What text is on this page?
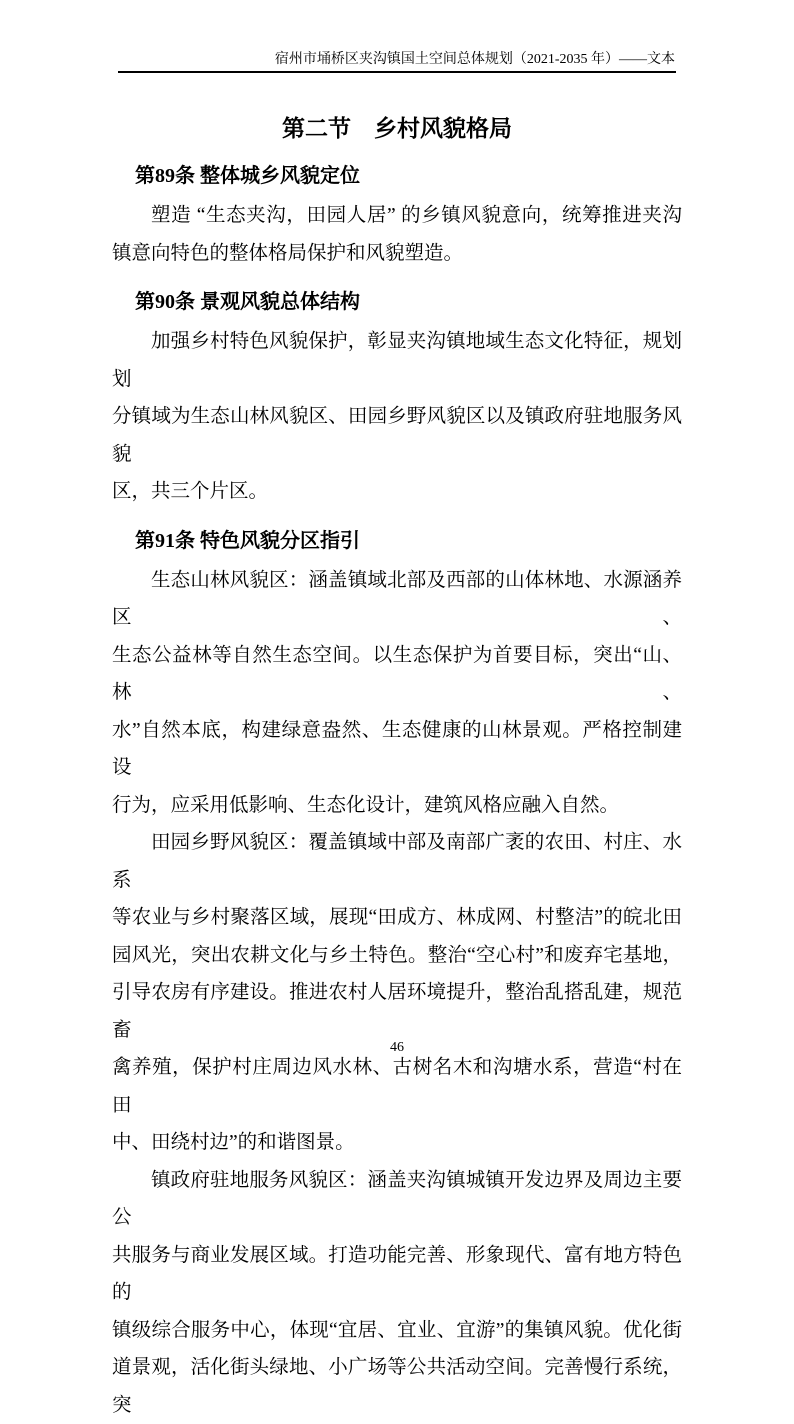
宿州市埇桥区夹沟镇国土空间总体规划（2021-2035 年）——文本
第二节　乡村风貌格局
第89条 整体城乡风貌定位
塑造 “生态夹沟，田园人居” 的乡镇风貌意向，统筹推进夹沟
镇意向特色的整体格局保护和风貌塑造。
第90条 景观风貌总体结构
加强乡村特色风貌保护，彰显夹沟镇地域生态文化特征，规划划
分镇域为生态山林风貌区、田园乡野风貌区以及镇政府驻地服务风貌
区，共三个片区。
第91条 特色风貌分区指引
生态山林风貌区：涵盖镇域北部及西部的山体林地、水源涵养区、
生态公益林等自然生态空间。以生态保护为首要目标，突出“山、林、
水”自然本底，构建绿意盎然、生态健康的山林景观。严格控制建设
行为，应采用低影响、生态化设计，建筑风格应融入自然。
田园乡野风貌区：覆盖镇域中部及南部广袤的农田、村庄、水系
等农业与乡村聚落区域，展现“田成方、林成网、村整洁”的皖北田
园风光，突出农耕文化与乡土特色。整治“空心村”和废弃宅基地，
引导农房有序建设。推进农村人居环境提升，整治乱搭乱建，规范畜
禽养殖，保护村庄周边风水林、古树名木和沟塘水系，营造“村在田
中、田绕村边”的和谐图景。
镇政府驻地服务风貌区：涵盖夹沟镇城镇开发边界及周边主要公
共服务与商业发展区域。打造功能完善、形象现代、富有地方特色的
镇级综合服务中心，体现“宜居、宜业、宜游”的集镇风貌。优化街
道景观，活化街头绿地、小广场等公共活动空间。完善慢行系统，突
46
